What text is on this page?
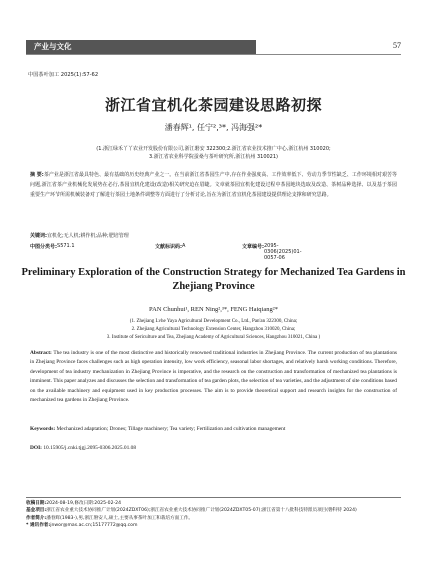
产业与文化	57
中国茶叶加工 2025(1):57-62
浙江省宜机化茶园建设思路初探
潘春辉¹, 任宁²,³*, 冯海强²*
(1.浙江绿禾丫丫农业开发股份有限公司,浙江磐安 322300;2.浙江省农业技术推广中心,浙江杭州 310020;
3.浙江省农业科学院蚕桑与茶叶研究所,浙江杭州 310021)
摘 要:茶产业是浙江省最具特色、最有基础的历史经典产业之一。在当前浙江省茶园生产中,存在作业强度高、工作效率低下、劳动力季节性缺乏、工作环境相对艰苦等问题,浙江省茶产业机械化发展势在必行,茶园宜机化建设(改造)相关研究迫在眉睫。文章就茶园宜机化建设过程中茶园地块选取及改造、茶树品种选择、以及基于茶园重要生产环节所需机械装备对了解进行茶园土地条件调整等方面进行了分析讨论,旨在为浙江省宜机化茶园建设提供理论支撑和研究思路。
关键词:宜机化;无人机;耕作机;品种;肥培管理
中图分类号: S571.1	文献标识码: A	文章编号: 2095-0306(2025)01-0057-06
Preliminary Exploration of the Construction Strategy for Mechanized Tea Gardens in Zhejiang Province
PAN Chunhui¹, REN Ning²,³*, FENG Haiqiang²*
(1. Zhejiang Lvhe Yaya Agricultural Development Co., Ltd., Pan'an 322300, China;
2. Zhejiang Agricultural Technology Extension Center, Hangzhou 310020, China;
3. Institute of Sericulture and Tea, Zhejiang Academy of Agricultural Sciences, Hangzhou 310021, China )
Abstract: The tea industry is one of the most distinctive and historically renowned traditional industries in Zhejiang Province. The current production of tea plantations in Zhejiang Province faces challenges such as high operation intensity, low work efficiency, seasonal labor shortages, and relatively harsh working conditions. Therefore, development of tea industry mechanization in Zhejiang Province is imperative, and the research on the construction and transformation of mechanized tea plantations is imminent. This paper analyzes and discusses the selection and transformation of tea garden plots, the selection of tea varieties, and the adjustment of site conditions based on the available machinery and equipment used in key production processes. The aim is to provide theoretical support and research insights for the construction of mechanized tea gardens in Zhejiang Province.
Keywords: Mechanized adaptation; Drones; Tillage machinery; Tea variety; Fertilization and cultivation management
DOI: 10.15905/j.cnki.tjgj.2095-0306.2025.01.08
收稿日期:2024-08-19,修改日期:2025-02-24
基金项目:浙江省农业重大技术协同推广计划(2024ZDXT06);浙江省农业重大技术协同推广计划(2024ZDXT05-07);浙江省第十八批科技特派员项目(磐科特 2024)
作者简介:潘春辉(1983-),男,浙江磐安人,硕士,主要从事茶叶加工和栽培方面工作。
* 通讯作者:jnwor@mas.ac.cn;15177772@qq.com
